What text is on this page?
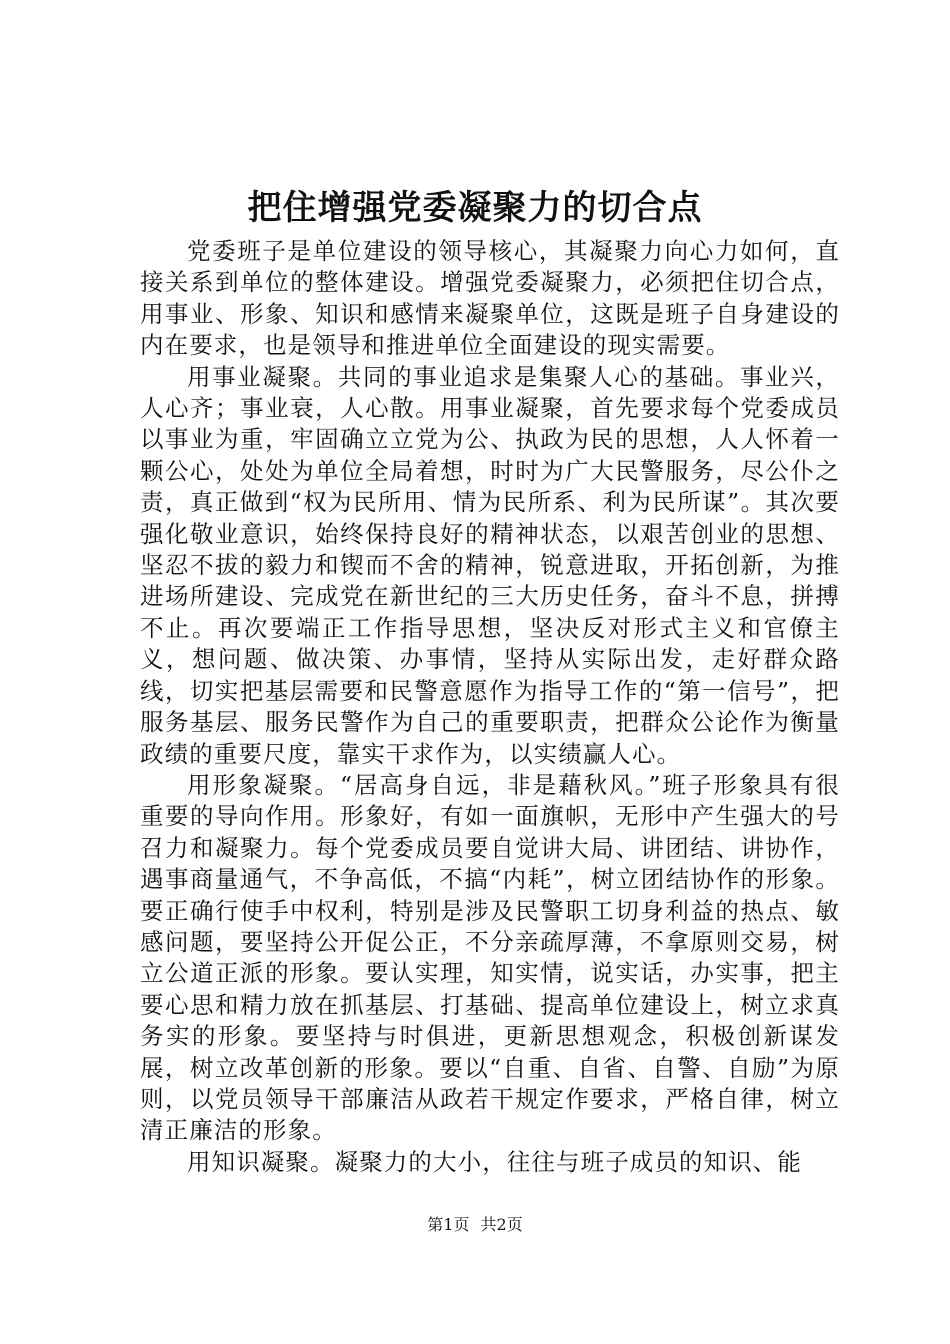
把住增强党委凝聚力的切合点

党委班子是单位建设的领导核心，其凝聚力向心力如何，直接关系到单位的整体建设。增强党委凝聚力，必须把住切合点，用事业、形象、知识和感情来凝聚单位，这既是班子自身建设的内在要求，也是领导和推进单位全面建设的现实需要。

用事业凝聚。共同的事业追求是集聚人心的基础。事业兴，人心齐；事业衰，人心散。用事业凝聚，首先要求每个党委成员以事业为重，牢固确立立党为公、执政为民的思想，人人怀着一颗公心，处处为单位全局着想，时时为广大民警服务，尽公仆之责，真正做到“权为民所用、情为民所系、利为民所谋”。其次要强化敬业意识，始终保持良好的精神状态，以艰苦创业的思想、坚忍不拔的毅力和锲而不舍的精神，锐意进取，开拓创新，为推进场所建设、完成党在新世纪的三大历史任务，奋斗不息，拼搏不止。再次要端正工作指导思想，坚决反对形式主义和官僚主义，想问题、做决策、办事情，坚持从实际出发，走好群众路线，切实把基层需要和民警意愿作为指导工作的“第一信号”，把服务基层、服务民警作为自己的重要职责，把群众公论作为衡量政绩的重要尺度，靠实干求作为，以实绩赢人心。

用形象凝聚。“居高身自远，非是藉秋风。”班子形象具有很重要的导向作用。形象好，有如一面旗帜，无形中产生强大的号召力和凝聚力。每个党委成员要自觉讲大局、讲团结、讲协作，遇事商量通气，不争高低，不搞“内耗”，树立团结协作的形象。要正确行使手中权利，特别是涉及民警职工切身利益的热点、敏感问题，要坚持公开促公正，不分亲疏厚薄，不拿原则交易，树立公道正派的形象。要认实理，知实情，说实话，办实事，把主要心思和精力放在抓基层、打基础、提高单位建设上，树立求真务实的形象。要坚持与时俱进，更新思想观念，积极创新谋发展，树立改革创新的形象。要以“自重、自省、自警、自励”为原则，以党员领导干部廉洁从政若干规定作要求，严格自律，树立清正廉洁的形象。

用知识凝聚。凝聚力的大小，往往与班子成员的知识、能

第1页 共2页
